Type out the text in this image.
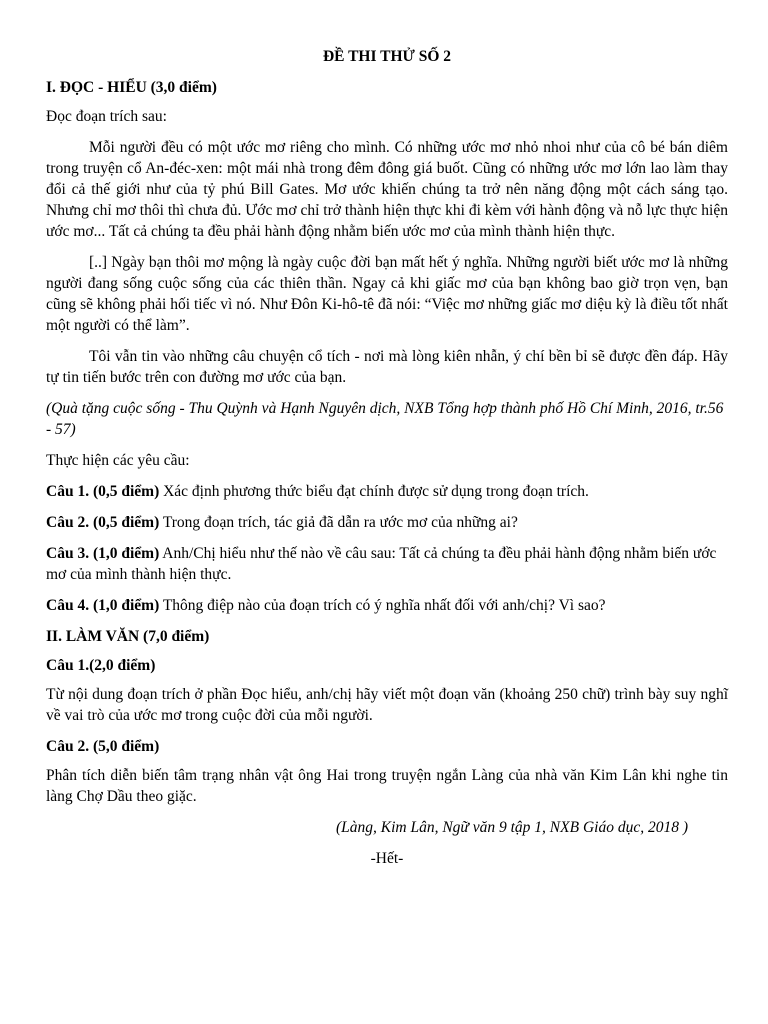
ĐỀ THI THỬ SỐ 2
I. ĐỌC - HIỂU (3,0 điểm)
Đọc đoạn trích sau:
Mỗi người đều có một ước mơ riêng cho mình. Có những ước mơ nhỏ nhoi như của cô bé bán diêm trong truyện cổ An-đéc-xen: một mái nhà trong đêm đông giá buốt. Cũng có những ước mơ lớn lao làm thay đổi cả thế giới như của tỷ phú Bill Gates. Mơ ước khiến chúng ta trở nên năng động một cách sáng tạo. Nhưng chỉ mơ thôi thì chưa đủ. Ước mơ chỉ trở thành hiện thực khi đi kèm với hành động và nỗ lực thực hiện ước mơ... Tất cả chúng ta đều phải hành động nhằm biến ước mơ của mình thành hiện thực.
[..] Ngày bạn thôi mơ mộng là ngày cuộc đời bạn mất hết ý nghĩa. Những người biết ước mơ là những người đang sống cuộc sống của các thiên thần. Ngay cả khi giấc mơ của bạn không bao giờ trọn vẹn, bạn cũng sẽ không phải hối tiếc vì nó. Như Đôn Ki-hô-tê đã nói: “Việc mơ những giấc mơ diệu kỳ là điều tốt nhất một người có thể làm”.
Tôi vẫn tin vào những câu chuyện cổ tích - nơi mà lòng kiên nhẫn, ý chí bền bỉ sẽ được đền đáp. Hãy tự tin tiến bước trên con đường mơ ước của bạn.
(Quà tặng cuộc sống - Thu Quỳnh và Hạnh Nguyên dịch, NXB Tổng hợp thành phố Hồ Chí Minh, 2016, tr.56 - 57)
Thực hiện các yêu cầu:
Câu 1. (0,5 điểm) Xác định phương thức biểu đạt chính được sử dụng trong đoạn trích.
Câu 2. (0,5 điểm) Trong đoạn trích, tác giả đã dẫn ra ước mơ của những ai?
Câu 3. (1,0 điểm) Anh/Chị hiểu như thế nào về câu sau: Tất cả chúng ta đều phải hành động nhằm biến ước mơ của mình thành hiện thực.
Câu 4. (1,0 điểm) Thông điệp nào của đoạn trích có ý nghĩa nhất đối với anh/chị? Vì sao?
II. LÀM VĂN (7,0 điểm)
Câu 1.(2,0 điểm)
Từ nội dung đoạn trích ở phần Đọc hiểu, anh/chị hãy viết một đoạn văn (khoảng 250 chữ) trình bày suy nghĩ về vai trò của ước mơ trong cuộc đời của mỗi người.
Câu 2. (5,0 điểm)
Phân tích diễn biến tâm trạng nhân vật ông Hai trong truyện ngắn Làng của nhà văn Kim Lân khi nghe tin làng Chợ Dầu theo giặc.
(Làng, Kim Lân, Ngữ văn 9 tập 1, NXB Giáo dục, 2018 )
-Hết-
